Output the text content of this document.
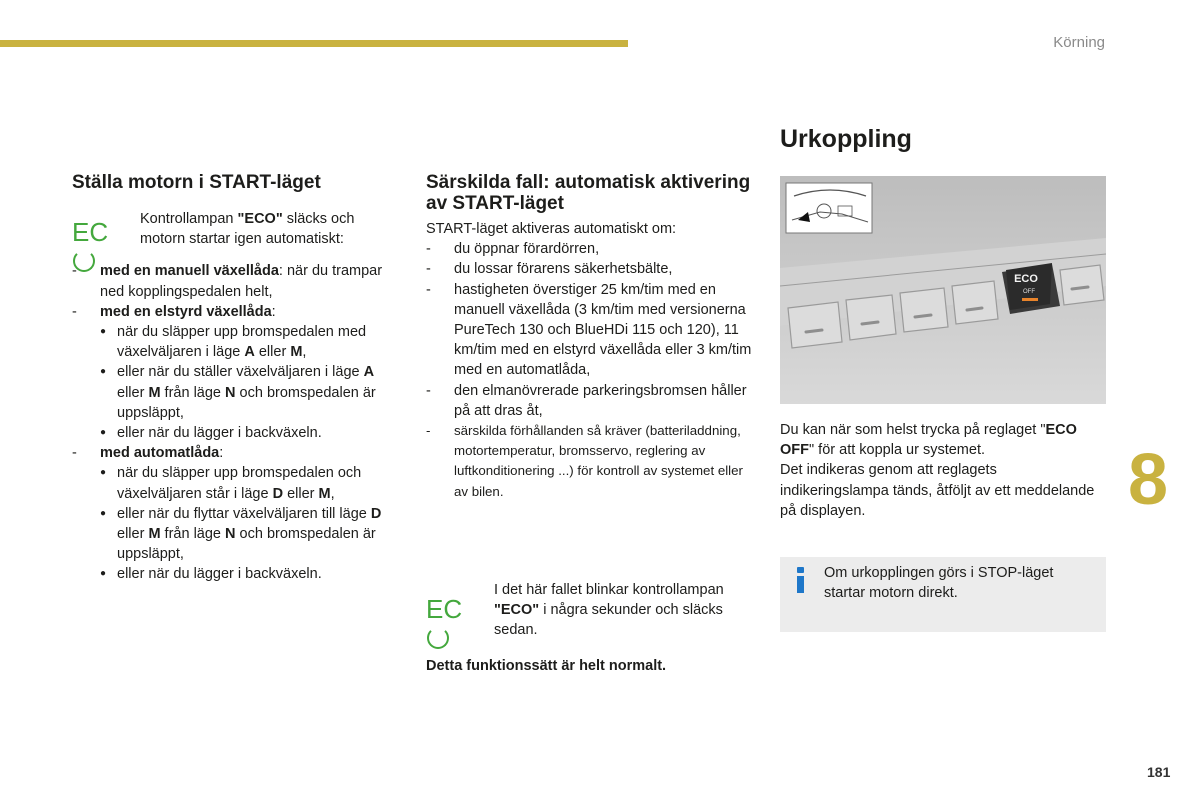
Körning
8
181
Ställa motorn i START-läget
EC	Kontrollampan "ECO" släcks och motorn startar igen automatiskt:
- med en manuell växellåda: när du trampar ned kopplingspedalen helt,
- med en elstyrd växellåda:
● när du släpper upp bromspedalen med växelväljaren i läge A eller M,
● eller när du ställer växelväljaren i läge A eller M från läge N och bromspedalen är uppsläppt,
● eller när du lägger i backväxeln.
- med automatlåda:
● när du släpper upp bromspedalen och växelväljaren står i läge D eller M,
● eller när du flyttar växelväljaren till läge D eller M från läge N och bromspedalen är uppsläppt,
● eller när du lägger i backväxeln.
Särskilda fall: automatisk aktivering av START-läget
START-läget aktiveras automatiskt om:
- du öppnar förardörren,
- du lossar förarens säkerhetsbälte,
- hastigheten överstiger 25 km/tim med en manuell växellåda (3 km/tim med versionerna PureTech 130 och BlueHDi 115 och 120), 11 km/tim med en elstyrd växellåda eller 3 km/tim med en automatlåda,
- den elmanövrerade parkeringsbromsen håller på att dras åt,
- särskilda förhållanden så kräver (batteriladdning, motortemperatur, bromsservo, reglering av luftkonditionering ...) för kontroll av systemet eller av bilen.
EC
I det här fallet blinkar kontrollampan "ECO" i några sekunder och släcks sedan.
Detta funktionssätt är helt normalt.
Urkoppling
ECO
OFF
Du kan när som helst trycka på reglaget "ECO OFF" för att koppla ur systemet.
Det indikeras genom att reglagets indikeringslampa tänds, åtföljt av ett meddelande på displayen.
Om urkopplingen görs i STOP-läget startar motorn direkt.
